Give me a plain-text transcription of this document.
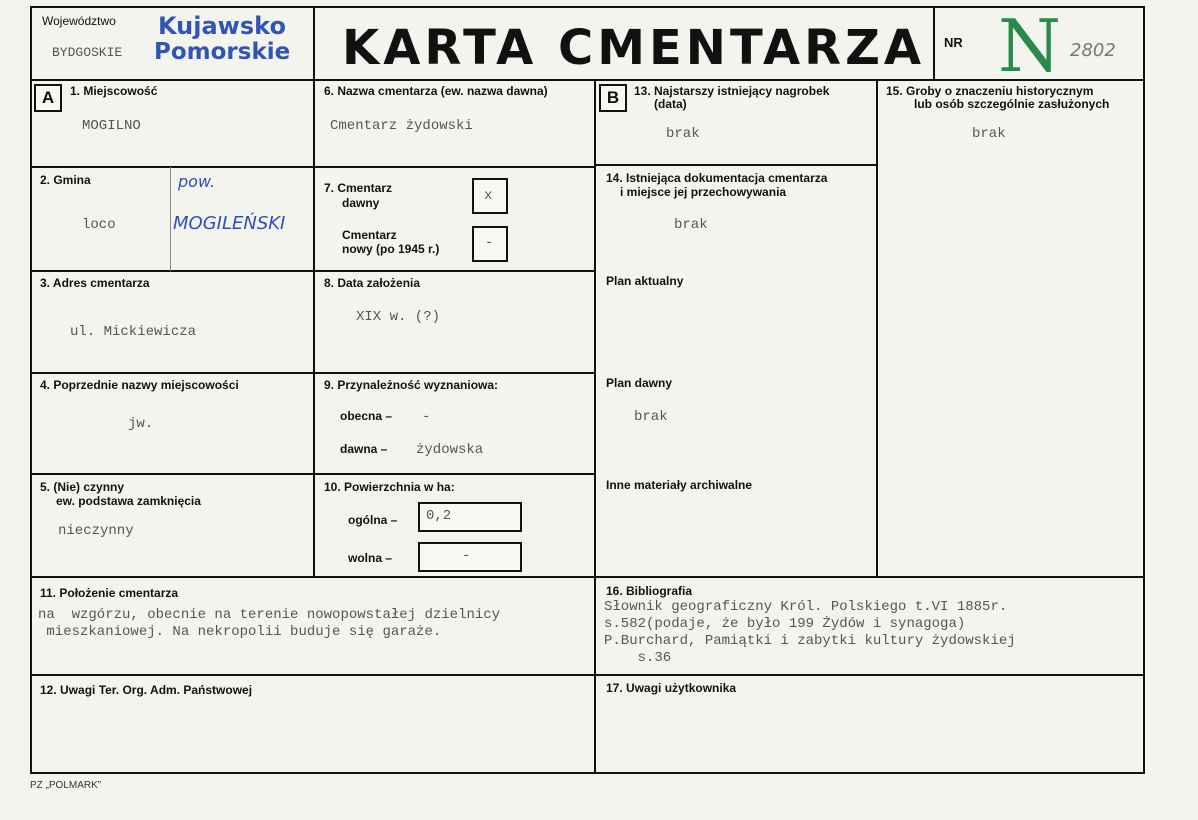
Województwo
BYDGOSKIE
Kujawsko
Pomorskie KARTA CMENTARZA NR N 2802
A	B
1. Miejscowość
MOGILNO
2. Gmina
loco
pow.
MOGILEŃSKI
3. Adres cmentarza
ul. Mickiewicza
4. Poprzednie nazwy miejscowości
jw.
5. (Nie) czynny
ew. podstawa zamknięcia
nieczynny
6. Nazwa cmentarza (ew. nazwa dawna)
Cmentarz żydowski
7. Cmentarz
dawny	x
Cmentarz
nowy (po 1945 r.)	-
8. Data założenia
XIX w. (?)
9. Przynależność wyznaniowa:
obecna – -
dawna – żydowska
10. Powierzchnia w ha:
ogólna – 0,2
wolna –	-
13. Najstarszy istniejący nagrobek
(data)
brak
14. Istniejąca dokumentacja cmentarza
i miejsce jej przechowywania
brak
Plan aktualny
Plan dawny
brak
Inne materiały archiwalne
15. Groby o znaczeniu historycznym
lub osób szczególnie zasłużonych
brak
11. Położenie cmentarza
na  wzgórzu, obecnie na terenie nowopowstałej dzielnicy
mieszkaniowej. Na nekropolii buduje się garaże.
16. Bibliografia
Słownik geograficzny Król. Polskiego t.VI 1885r.
s.582(podaje, że było 199 Żydów i synagoga)
P.Burchard, Pamiątki i zabytki kultury żydowskiej
s.36
12. Uwagi Ter. Org. Adm. Państwowej	17. Uwagi użytkownika
PZ „POLMARK”
